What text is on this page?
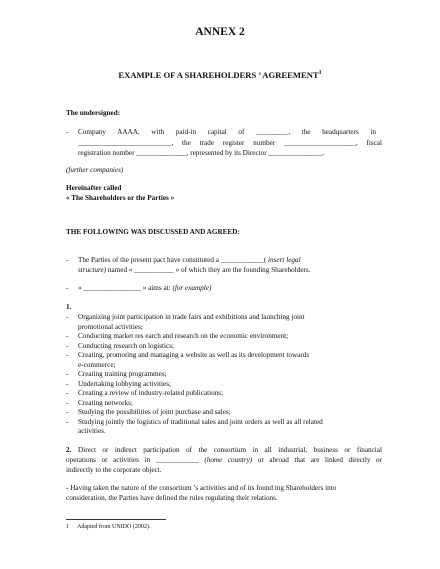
ANNEX 2
EXAMPLE OF A SHAREHOLDERS ’ AGREEMENT$^1$
The undersigned:
- Company AAAA, with paid-in capital of _________, the headquarters in
__________________________, the trade register number ____________________, fiscal
registration number ______________, represented by its Director _______________.
(further companies)
Hereinafter called
« The Shareholders or the Parties »
THE FOLLOWING WAS DISCUSSED AND AGREED:
- The Parties of the present pact have constituted a ____________( insert legal
structure) named « ___________ » of which they are the founding Shareholders.
- « ________________ » aims at: (for example)
1.
- Organizing joint participation in trade fairs and exhibitions and launching joint
promotional activities;
- Conducting market res earch and research on the economic environment;
- Conducting research on logistics;
- Creating, promoting and managing a website as well as its development towards
e-commerce;
- Creating training programmes;
- Undertaking lobbying activities;
- Creating a review of industry-related publications;
- Creating networks;
- Studying the possibilities of joint purchase and sales;
- Studying jointly the logistics of traditional sales and joint orders as well as all related
activities.
2. Direct or indirect participation of the consortium in all industrial, business or financial
operations or activities in ____________ (home country) or abroad that are linked directly or
indirectly to the corporate object.
- Having taken the nature of the consortium ’s activities and of its found ing Shareholders into
consideration, the Parties have defined the rules regulating their relations.
1 Adapted from UNIDO (2002).
